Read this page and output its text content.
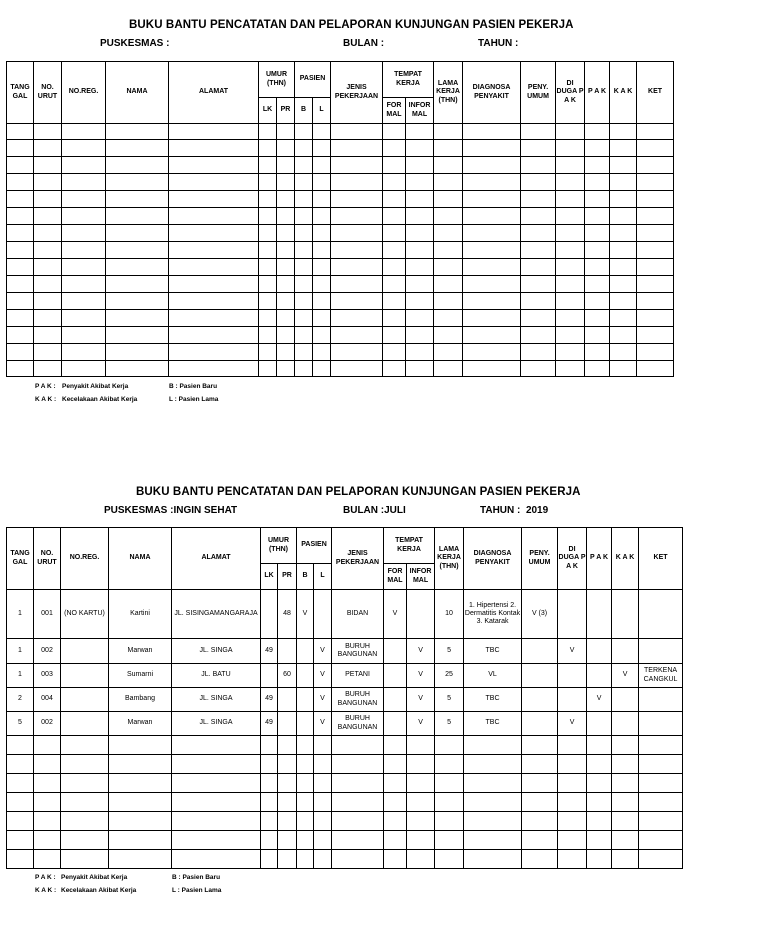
BUKU BANTU PENCATATAN DAN PELAPORAN KUNJUNGAN PASIEN PEKERJA
PUSKESMAS :	BULAN :	TAHUN :
TANG GAL	NO. URUT	NO.REG.	NAMA	ALAMAT	UMUR (THN)		PASIEN		JENIS PEKERJAAN	TEMPAT KERJA		LAMA KERJA (THN)	DIAGNOSA PENYAKIT	PENY. UMUM	DI DUGA P A K	P A K	K A K	KET
					LK	PR	B	L		FOR MAL	INFOR MAL							

P A K : Penyakit Akibat Kerja	B : Pasien Baru
K A K : Kecelakaan Akibat Kerja	L : Pasien Lama
BUKU BANTU PENCATATAN DAN PELAPORAN KUNJUNGAN PASIEN PEKERJA
PUSKESMAS :INGIN SEHAT	BULAN :JULI	TAHUN : 2019
TANG GAL	NO. URUT	NO.REG.	NAMA	ALAMAT	UMUR (THN)		PASIEN		JENIS PEKERJAAN	TEMPAT KERJA		LAMA KERJA (THN)	DIAGNOSA PENYAKIT	PENY. UMUM	DI DUGA P A K	P A K	K A K	KET
					LK	PR	B	L		FOR MAL	INFOR MAL							
1	001	(NO KARTU)	Kartini	JL. SISINGAMANGARAJA		48	V		BIDAN	V		10	1. Hipertensi 2. Dermatitis Kontak 3. Katarak	V (3)				
1	002		Marwan	JL. SINGA	49			V	BURUH BANGUNAN		V	5	TBC		V			
1	003		Sumarni	JL. BATU		60		V	PETANI		V	25	VL				V	TERKENA CANGKUL
2	004		Bambang	JL. SINGA	49			V	BURUH BANGUNAN		V	5	TBC			V		
5	002		Marwan	JL. SINGA	49			V	BURUH BANGUNAN		V	5	TBC		V			

P A K : Penyakit Akibat Kerja	B : Pasien Baru
K A K : Kecelakaan Akibat Kerja	L : Pasien Lama
